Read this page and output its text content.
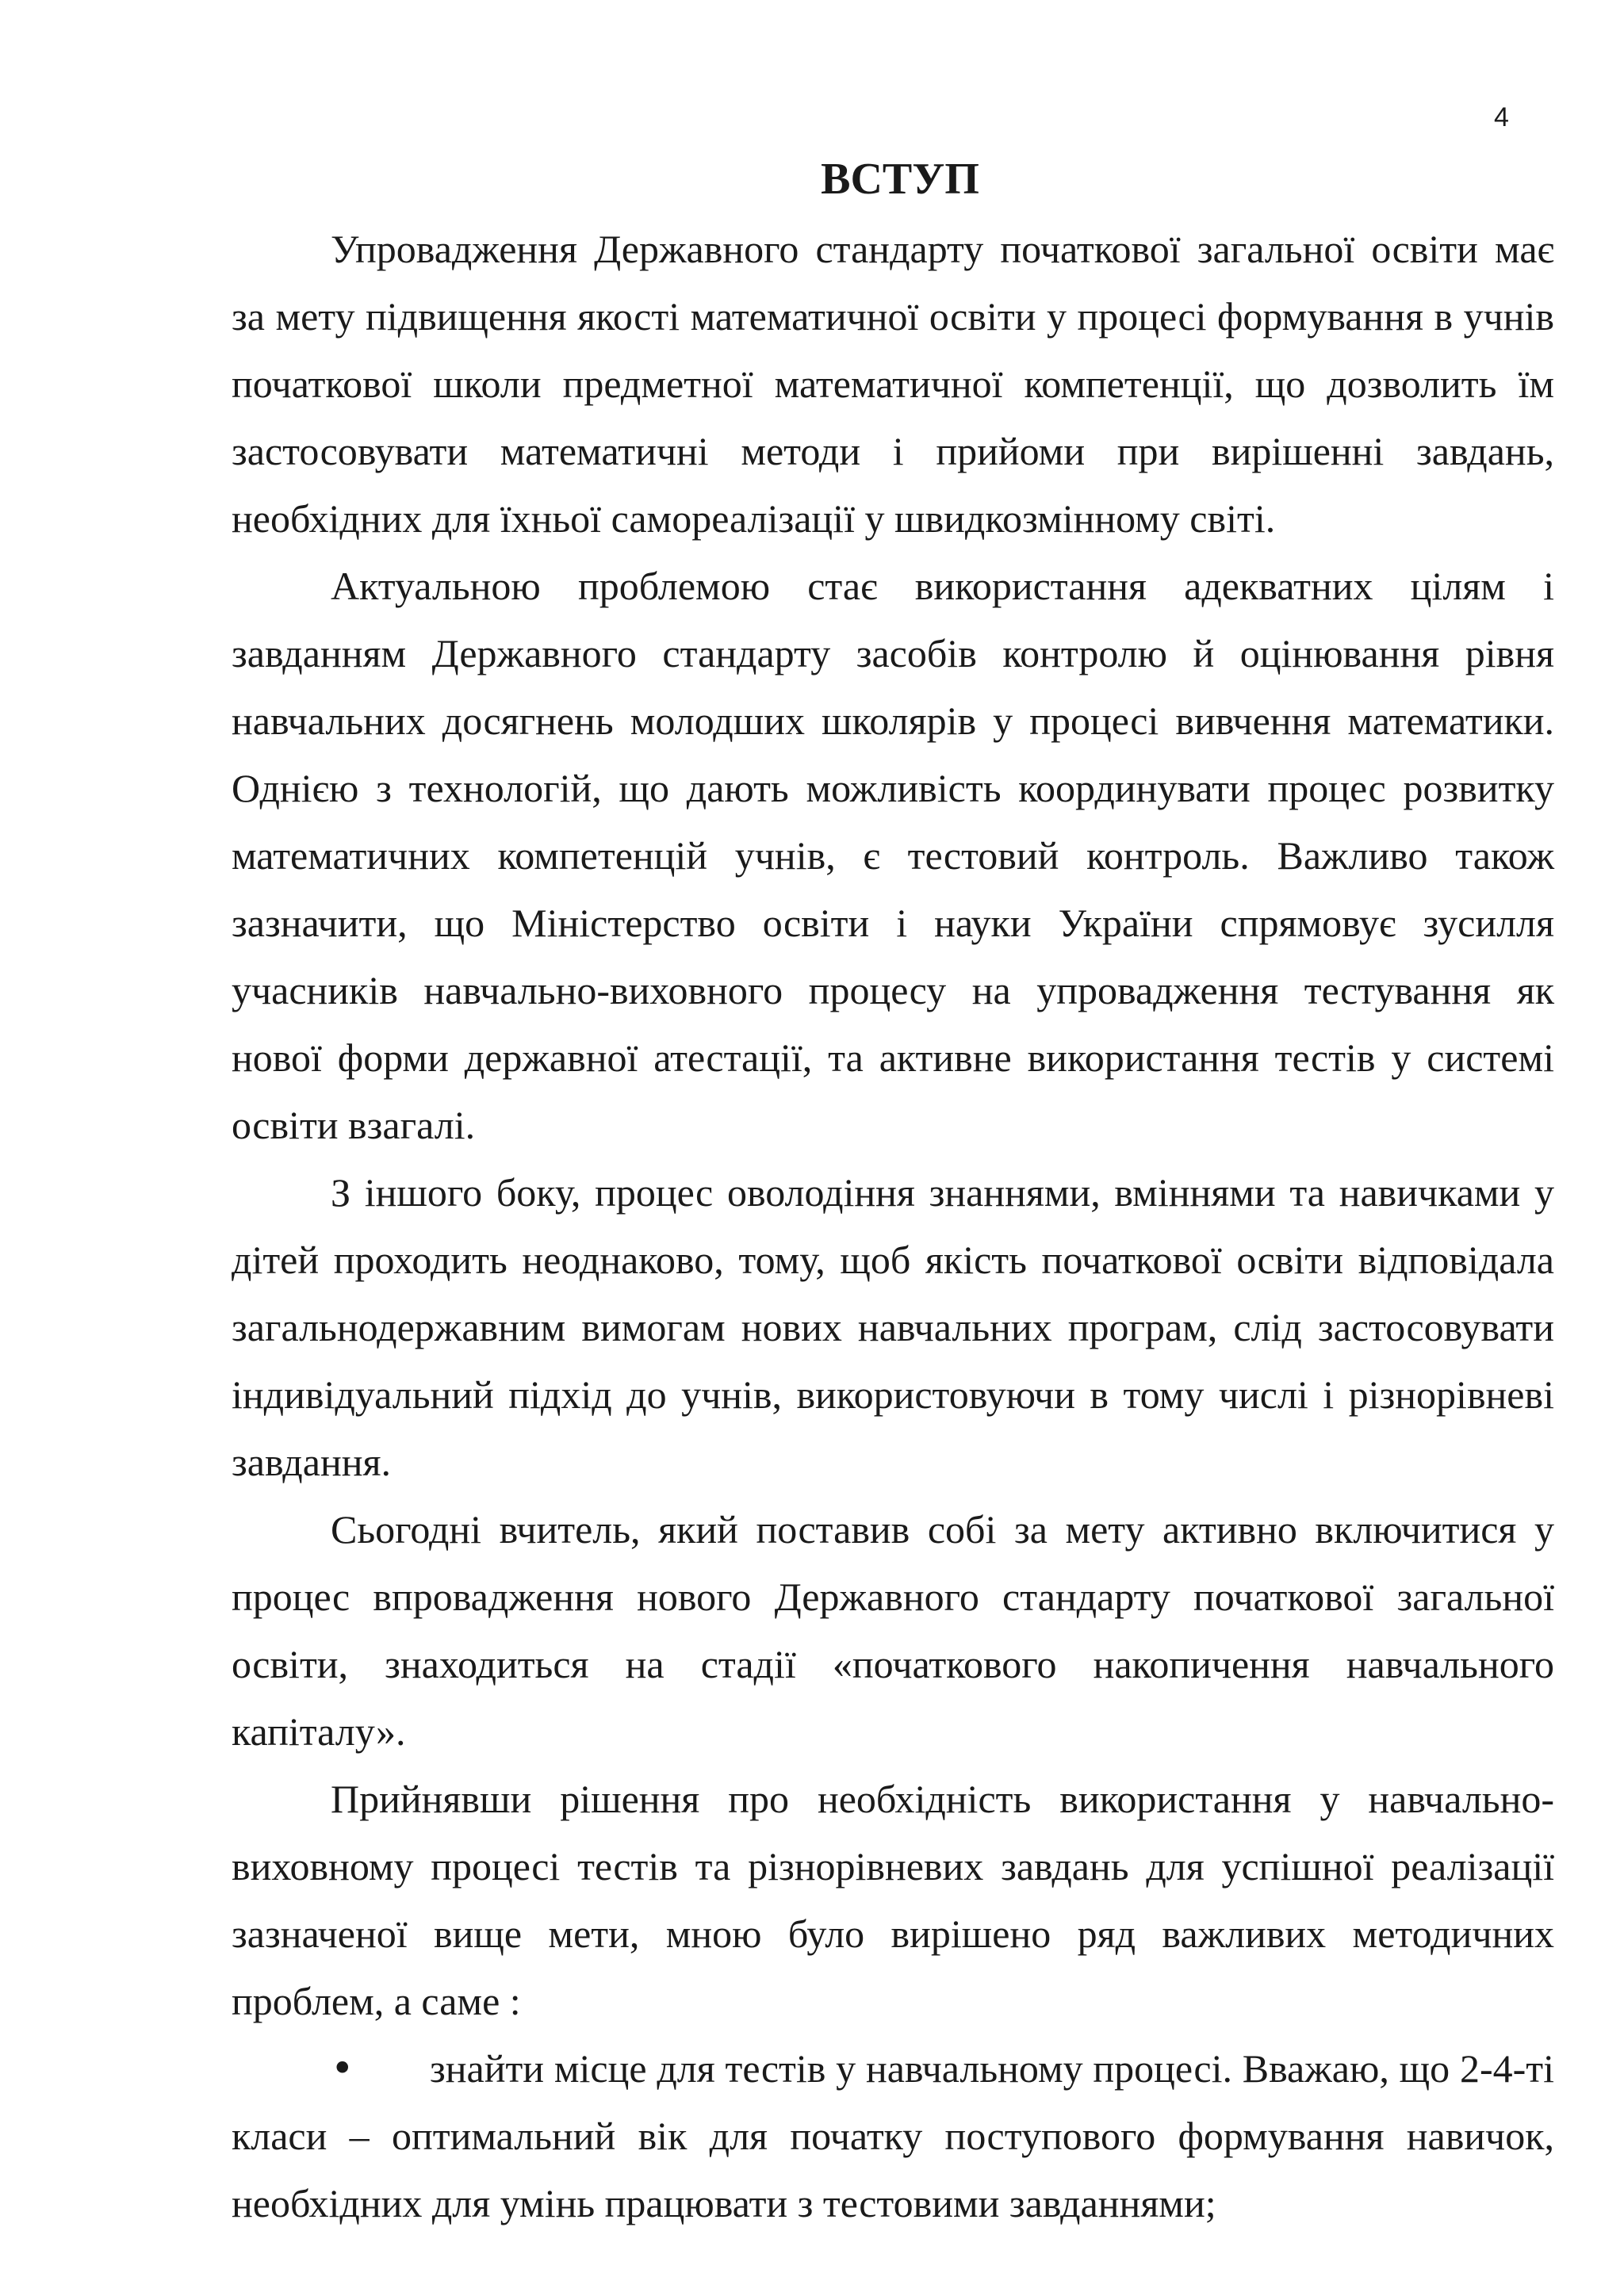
4
ВСТУП

Упровадження Державного стандарту початкової загальної освіти має за мету підвищення якості математичної освіти у процесі формування в учнів початкової школи предметної математичної компетенції, що дозволить їм застосовувати математичні методи і прийоми при вирішенні завдань, необхідних для їхньої самореалізації у швидкозмінному світі.

Актуальною проблемою стає використання адекватних цілям і завданням Державного стандарту засобів контролю й оцінювання рівня навчальних досягнень молодших школярів у процесі вивчення математики. Однією з технологій, що дають можливість координувати процес розвитку математичних компетенцій учнів, є тестовий контроль. Важливо також зазначити, що Міністерство освіти і науки України спрямовує зусилля учасників навчально-виховного процесу на упровадження тестування як нової форми державної атестації, та активне використання тестів у системі освіти взагалі.

З іншого боку, процес оволодіння знаннями, вміннями та навичками у дітей проходить неоднаково, тому, щоб якість початкової освіти відповідала загальнодержавним вимогам нових навчальних програм, слід застосовувати індивідуальний підхід до учнів, використовуючи в тому числі і різнорівневі завдання.

Сьогодні вчитель, який поставив собі за мету активно включитися у процес впровадження нового Державного стандарту початкової загальної освіти, знаходиться на стадії «початкового накопичення навчального капіталу».

Прийнявши рішення про необхідність використання у навчально-виховному процесі тестів та різнорівневих завдань для успішної реалізації зазначеної вище мети, мною було вирішено ряд важливих методичних проблем, а саме :

• знайти місце для тестів у навчальному процесі. Вважаю, що 2-4-ті класи – оптимальний вік для початку поступового формування навичок, необхідних для умінь працювати з тестовими завданнями;
